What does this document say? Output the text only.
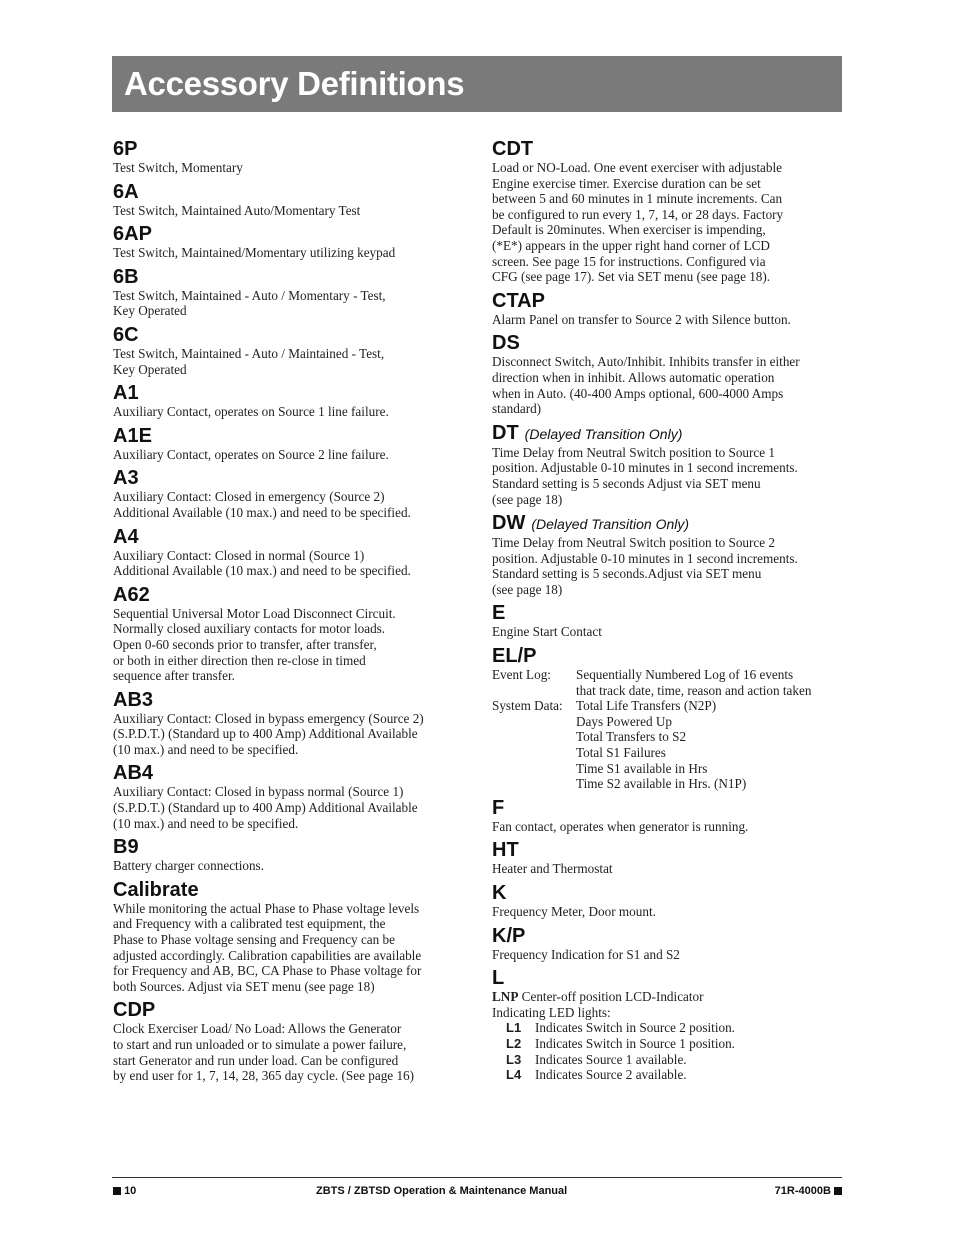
Accessory Definitions
6P

Test Switch, Momentary

6A

Test Switch, Maintained Auto/Momentary Test

6AP

Test Switch, Maintained/Momentary utilizing keypad

6B

Test Switch, Maintained - Auto / Momentary - Test,

Key Operated

6C

Test Switch, Maintained - Auto / Maintained - Test,

Key Operated

A1

Auxiliary Contact, operates on Source 1 line failure.

A1E

Auxiliary Contact, operates on Source 2 line failure.

A3

Auxiliary Contact: Closed in emergency (Source 2)

Additional Available (10 max.) and need to be specified.

A4

Auxiliary Contact: Closed in normal (Source 1)

Additional Available (10 max.) and need to be specified.

A62

Sequential Universal Motor Load Disconnect Circuit.

Normally closed auxiliary contacts for motor loads.

Open 0-60 seconds prior to transfer, after transfer,

or both in either direction then re-close in timed

sequence after transfer.

AB3

Auxiliary Contact: Closed in bypass emergency (Source 2)

(S.P.D.T.) (Standard up to 400 Amp) Additional Available

(10 max.) and need to be specified.

AB4

Auxiliary Contact: Closed in bypass normal (Source 1)

(S.P.D.T.) (Standard up to 400 Amp) Additional Available

(10 max.) and need to be specified.

B9

Battery charger connections.

Calibrate

While monitoring the actual Phase to Phase voltage levels

and Frequency with a calibrated test equipment, the

Phase to Phase voltage sensing and Frequency can be

adjusted accordingly. Calibration capabilities are available

for Frequency and AB, BC, CA Phase to Phase voltage for

both Sources. Adjust via SET menu (see page 18)

CDP

Clock Exerciser Load/ No Load: Allows the Generator

to start and run unloaded or to simulate a power failure,

start Generator and run under load. Can be configured

by end user for 1, 7, 14, 28, 365 day cycle. (See page 16)

CDT

Load or NO-Load. One event exerciser with adjustable

Engine exercise timer. Exercise duration can be set

between 5 and 60 minutes in 1 minute increments. Can

be configured to run every 1, 7, 14, or 28 days. Factory

Default is 20minutes. When exerciser is impending,

(*E*) appears in the upper right hand corner of LCD

screen. See page 15 for instructions. Configured via

CFG (see page 17). Set via SET menu (see page 18).

CTAP

Alarm Panel on transfer to Source 2 with Silence button.

DS

Disconnect Switch, Auto/Inhibit. Inhibits transfer in either

direction when in inhibit. Allows automatic operation

when in Auto. (40-400 Amps optional, 600-4000 Amps

standard)

DT (Delayed Transition Only)

Time Delay from Neutral Switch position to Source 1

position. Adjustable 0-10 minutes in 1 second increments.

Standard setting is 5 seconds Adjust via SET menu

(see page 18)

DW (Delayed Transition Only)

Time Delay from Neutral Switch position to Source 2

position. Adjustable 0-10 minutes in 1 second increments.

Standard setting is 5 seconds.Adjust via SET menu

(see page 18)

E

Engine Start Contact

EL/P
Event Log:	Sequentially Numbered Log of 16 events

that track date, time, reason and action taken

System Data:	Total Life Transfers (N2P)

Days Powered Up

Total Transfers to S2

Total S1 Failures

Time S1 available in Hrs

Time S2 available in Hrs. (N1P)

F

Fan contact, operates when generator is running.

HT

Heater and Thermostat

K

Frequency Meter, Door mount.

K/P

Frequency Indication for S1 and S2

L

LNP Center-off position LCD-Indicator

Indicating LED lights:

L1	Indicates Switch in Source 2 position.
L2	Indicates Switch in Source 1 position.
L3	Indicates Source 1 available.
L4	Indicates Source 2 available.
10	ZBTS / ZBTSD Operation & Maintenance Manual	71R-4000B
